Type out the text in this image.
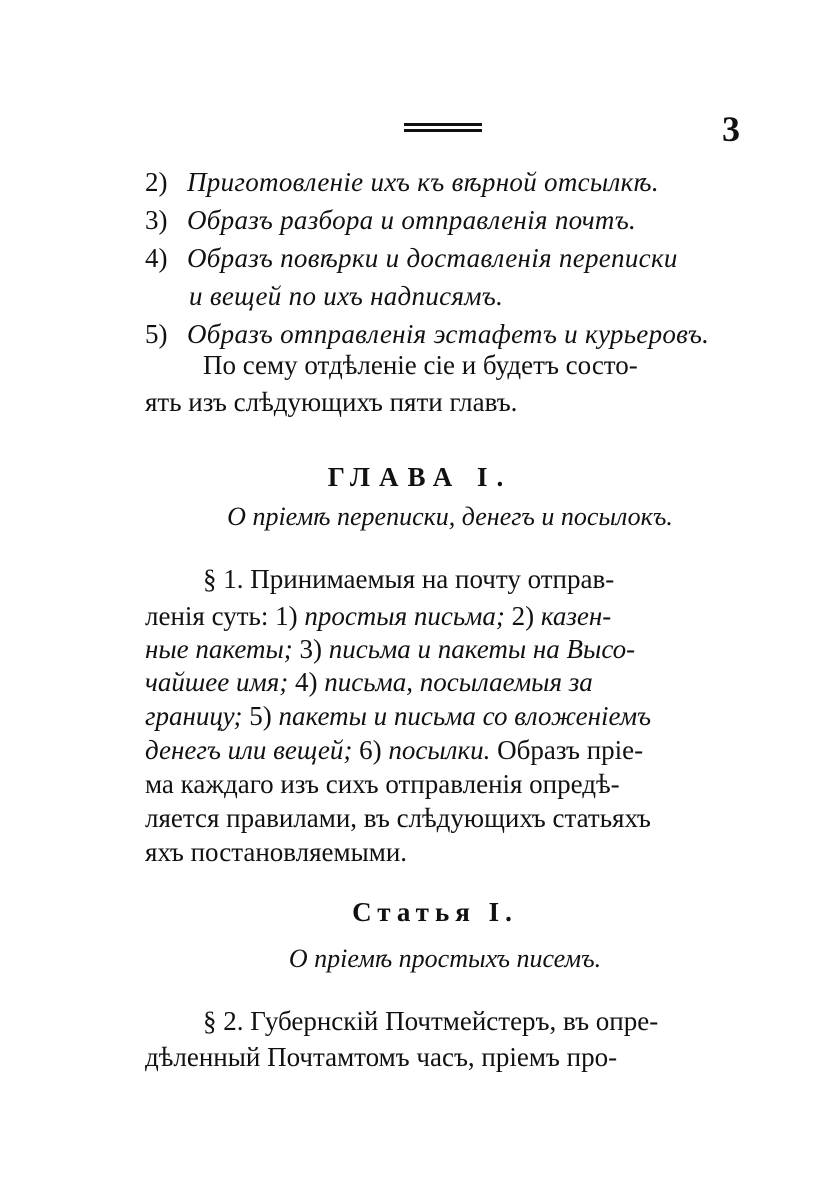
3
2) Приготовленіе ихъ къ вѣрной отсылкѣ.
3) Образъ разбора и отправленія почтъ.
4) Образъ повѣрки и доставленія переписки
и вещей по ихъ надписямъ.
5) Образъ отправленія эстафетъ и курьеровъ.
По сему отдѣленіе сіе и будетъ состо-
ять изъ слѣдующихъ пяти главъ.
ГЛАВА I.
О пріемѣ переписки, денегъ и посылокъ.
§ 1. Принимаемыя на почту отправ-
ленія суть: 1) простыя письма; 2) казен-
ные пакеты; 3) письма и пакеты на Высо-
чайшее имя; 4) письма, посылаемыя за
границу; 5) пакеты и письма со вложеніемъ
денегъ или вещей; 6) посылки. Образъ пріе-
ма каждаго изъ сихъ отправленія опредѣ-
ляется правилами, въ слѣдующихъ статьяхъ
яхъ постановляемыми.
Статья I.
О пріемѣ простыхъ писемъ.
§ 2. Губернскій Почтмейстеръ, въ опре-
дѣленный Почтамтомъ часъ, пріемъ про-
